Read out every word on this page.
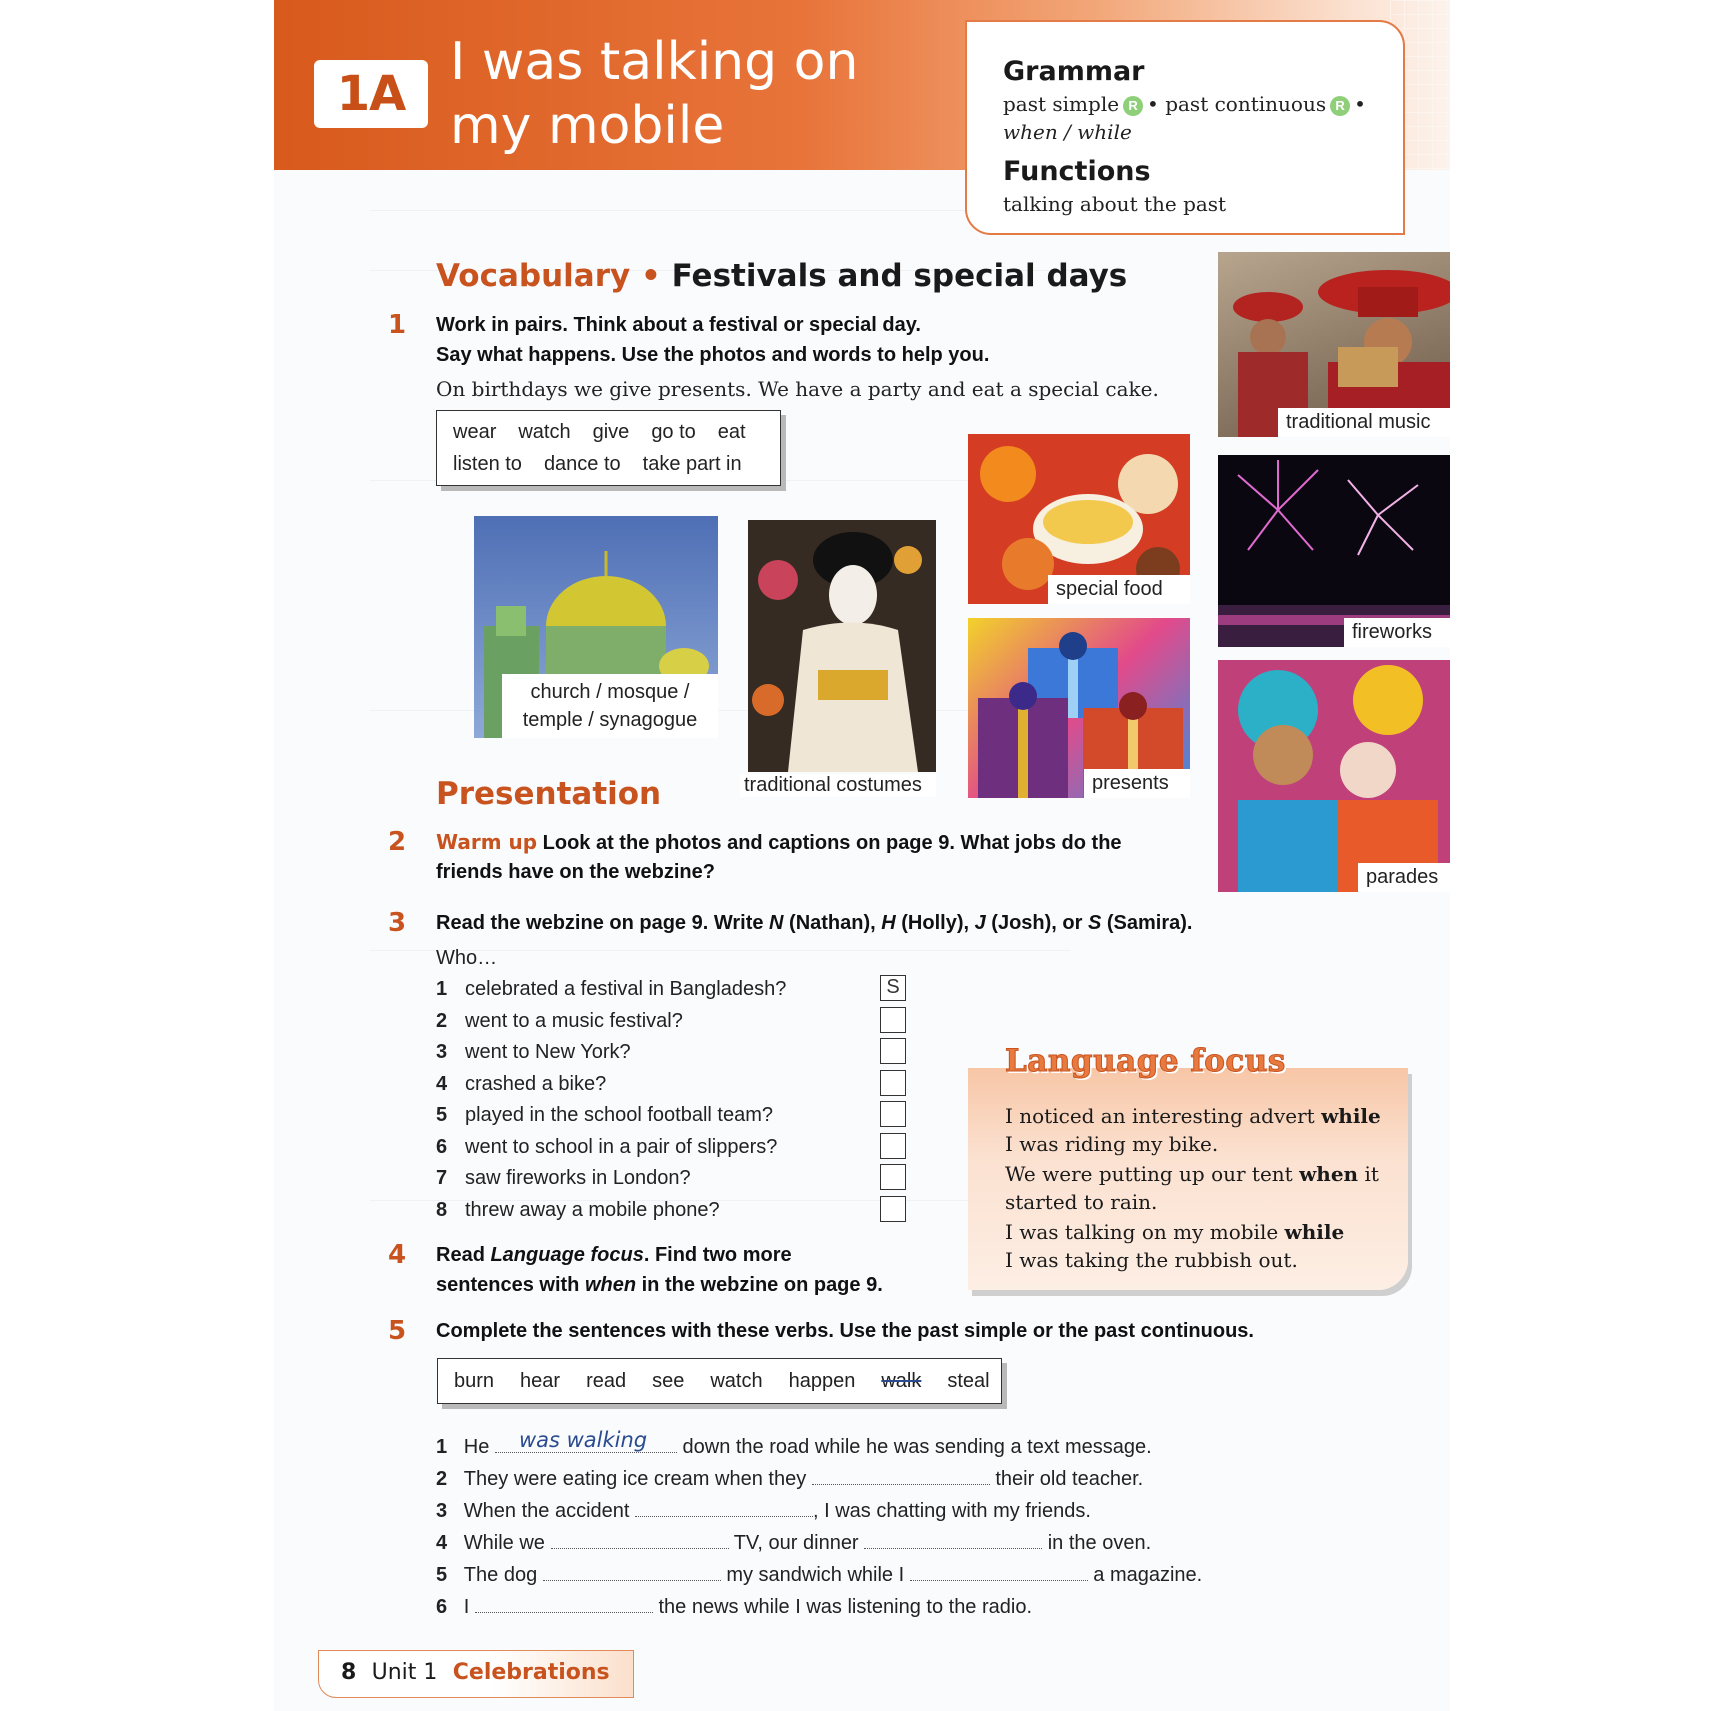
1A
I was talking on
my mobile
Grammar
past simple R • past continuous R •
when / while
Functions
talking about the past
Vocabulary • Festivals and special days
1 Work in pairs. Think about a festival or special day.
Say what happens. Use the photos and words to help you.
On birthdays we give presents. We have a party and eat a special cake.
wear watch give go to eat
listen to dance to take part in
traditional music
special food
fireworks
church / mosque /
temple / synagogue
traditional costumes	presents
parades
Presentation
2 Warm up Look at the photos and captions on page 9. What jobs do the
friends have on the webzine?
3 Read the webzine on page 9. Write N (Nathan), H (Holly), J (Josh), or S (Samira).
Who…
1 celebrated a festival in Bangladesh?	S
2 went to a music festival?
3 went to New York?
4 crashed a bike?
5 played in the school football team?
6 went to school in a pair of slippers?
7 saw fireworks in London?
8 threw away a mobile phone?
4 Read Language focus. Find two more
sentences with when in the webzine on page 9.
I noticed an interesting advert while
I was riding my bike.
We were putting up our tent when it
started to rain.
I was talking on my mobile while
I was taking the rubbish out.
Language focus
5 Complete the sentences with these verbs. Use the past simple or the past continuous.
burn hear read see watch happen walk steal
1 He was walking down the road while he was sending a text message.
2 They were eating ice cream when they	their old teacher.
3 When the accident	, I was chatting with my friends.
4 While we	TV, our dinner	in the oven.
5 The dog	my sandwich while I	a magazine.
6 I	the news while I was listening to the radio.
8 Unit 1 Celebrations
